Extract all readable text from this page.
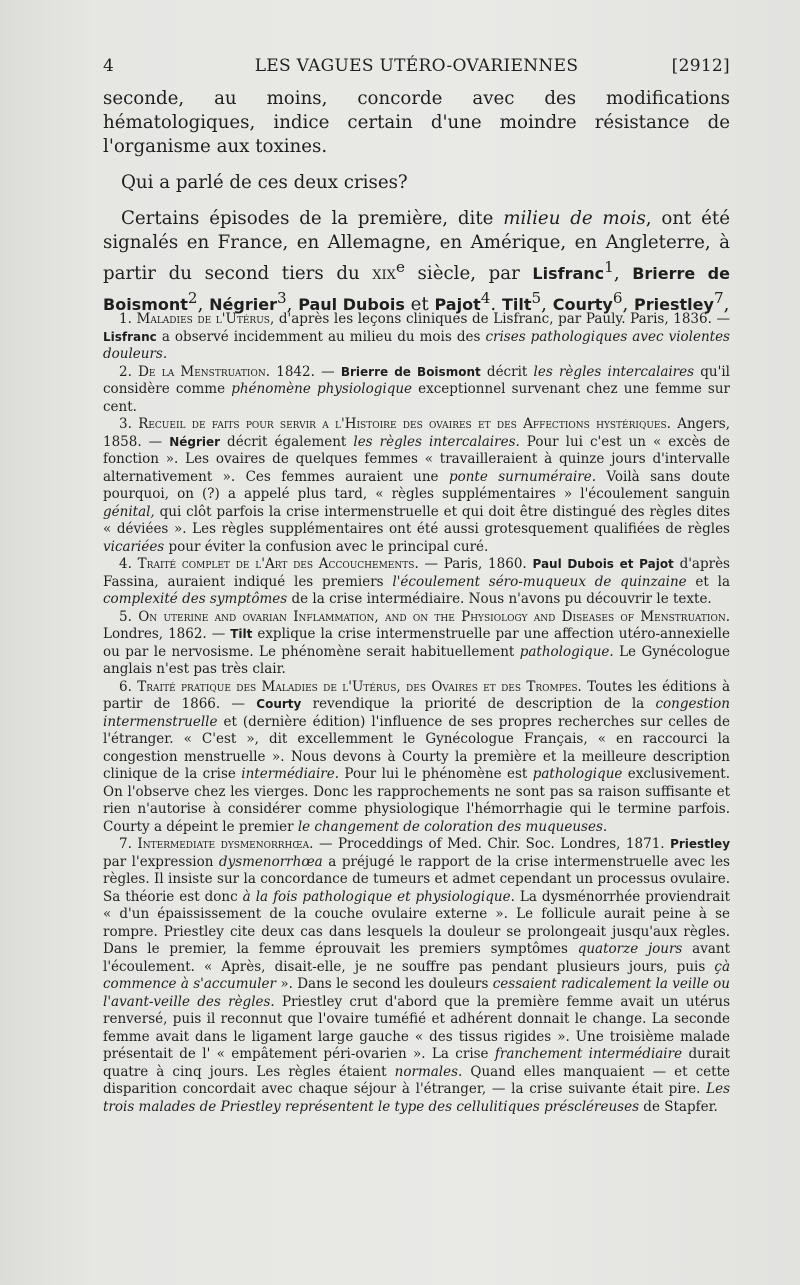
4	LES VAGUES UTÉRO-OVARIENNES	[2912]

seconde, au moins, concorde avec des modifications hématologiques, indice certain d'une moindre résistance de l'organisme aux toxines.

Qui a parlé de ces deux crises?

Certains épisodes de la première, dite milieu de mois, ont été signalés en France, en Allemagne, en Amérique, en Angleterre, à partir du second tiers du xix$^e$ siècle, par Lisfranc$^1$, Brierre de Boismont$^2$, Négrier$^3$, Paul Dubois et Pajot$^4$. Tilt$^5$, Courty$^6$, Priestley$^7$,

1. Maladies de l'Utérus, d'après les leçons cliniques de Lisfranc, par Pauly. Paris, 1836. — Lisfranc a observé incidemment au milieu du mois des crises pathologiques avec violentes douleurs.

2. De la Menstruation. 1842. — Brierre de Boismont décrit les règles intercalaires qu'il considère comme phénomène physiologique exceptionnel survenant chez une femme sur cent.

3. Recueil de faits pour servir a l'Histoire des ovaires et des Affections hystériques. Angers, 1858. — Négrier décrit également les règles intercalaires. Pour lui c'est un « excès de fonction ». Les ovaires de quelques femmes « travailleraient à quinze jours d'intervalle alternativement ». Ces femmes auraient une ponte surnuméraire. Voilà sans doute pourquoi, on (?) a appelé plus tard, « règles supplémentaires » l'écoulement sanguin génital, qui clôt parfois la crise intermenstruelle et qui doit être distingué des règles dites « déviées ». Les règles supplémentaires ont été aussi grotesquement qualifiées de règles vicariées pour éviter la confusion avec le principal curé.

4. Traité complet de l'Art des Accouchements. — Paris, 1860. Paul Dubois et Pajot d'après Fassina, auraient indiqué les premiers l'écoulement séro-muqueux de quinzaine et la complexité des symptômes de la crise intermédiaire. Nous n'avons pu découvrir le texte.

5. On uterine and ovarian Inflammation, and on the Physiology and Diseases of Menstruation. Londres, 1862. — Tilt explique la crise intermenstruelle par une affection utéro-annexielle ou par le nervosisme. Le phénomène serait habituellement pathologique. Le Gynécologue anglais n'est pas très clair.

6. Traité pratique des Maladies de l'Utérus, des Ovaires et des Trompes. Toutes les éditions à partir de 1866. — Courty revendique la priorité de description de la congestion intermenstruelle et (dernière édition) l'influence de ses propres recherches sur celles de l'étranger. « C'est », dit excellemment le Gynécologue Français, « en raccourci la congestion menstruelle ». Nous devons à Courty la première et la meilleure description clinique de la crise intermédiaire. Pour lui le phénomène est pathologique exclusivement. On l'observe chez les vierges. Donc les rapprochements ne sont pas sa raison suffisante et rien n'autorise à considérer comme physiologique l'hémorrhagie qui le termine parfois. Courty a dépeint le premier le changement de coloration des muqueuses.

7. Intermediate dysmenorrhœa. — Proceddings of Med. Chir. Soc. Londres, 1871. Priestley par l'expression dysmenorrhœa a préjugé le rapport de la crise intermenstruelle avec les règles. Il insiste sur la concordance de tumeurs et admet cependant un processus ovulaire. Sa théorie est donc à la fois pathologique et physiologique. La dysménorrhée proviendrait « d'un épaississement de la couche ovulaire externe ». Le follicule aurait peine à se rompre. Priestley cite deux cas dans lesquels la douleur se prolongeait jusqu'aux règles. Dans le premier, la femme éprouvait les premiers symptômes quatorze jours avant l'écoulement. « Après, disait-elle, je ne souffre pas pendant plusieurs jours, puis çà commence à s'accumuler ». Dans le second les douleurs cessaient radicalement la veille ou l'avant-veille des règles. Priestley crut d'abord que la première femme avait un utérus renversé, puis il reconnut que l'ovaire tuméfié et adhérent donnait le change. La seconde femme avait dans le ligament large gauche « des tissus rigides ». Une troisième malade présentait de l' « empâtement péri-ovarien ». La crise franchement intermédiaire durait quatre à cinq jours. Les règles étaient normales. Quand elles manquaient — et cette disparition concordait avec chaque séjour à l'étranger, — la crise suivante était pire. Les trois malades de Priestley représentent le type des cellulitiques préscléreuses de Stapfer.
